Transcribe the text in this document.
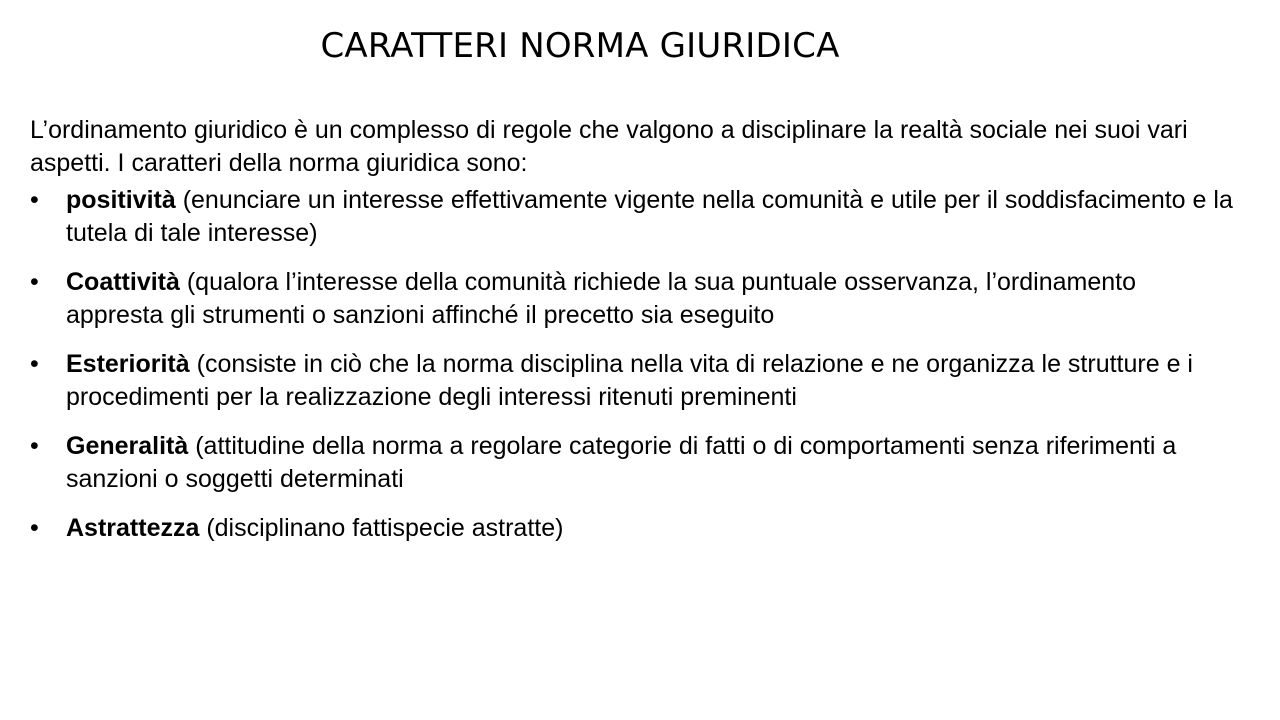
CARATTERI NORMA GIURIDICA

L’ordinamento giuridico è un complesso di regole che valgono a disciplinare la realtà sociale nei suoi vari aspetti. I caratteri della norma giuridica sono:

•	positività (enunciare un interesse effettivamente vigente nella comunità e utile per il soddisfacimento e la tutela di tale interesse)
•	Coattività (qualora l’interesse della comunità richiede la sua puntuale osservanza, l’ordinamento appresta gli strumenti o sanzioni affinché il precetto sia eseguito
•	Esteriorità (consiste in ciò che la norma disciplina nella vita di relazione e ne organizza le strutture e i procedimenti per la realizzazione degli interessi ritenuti preminenti
•	Generalità (attitudine della norma a regolare categorie di fatti o di comportamenti senza riferimenti a sanzioni o soggetti determinati
•	Astrattezza (disciplinano fattispecie astratte)
